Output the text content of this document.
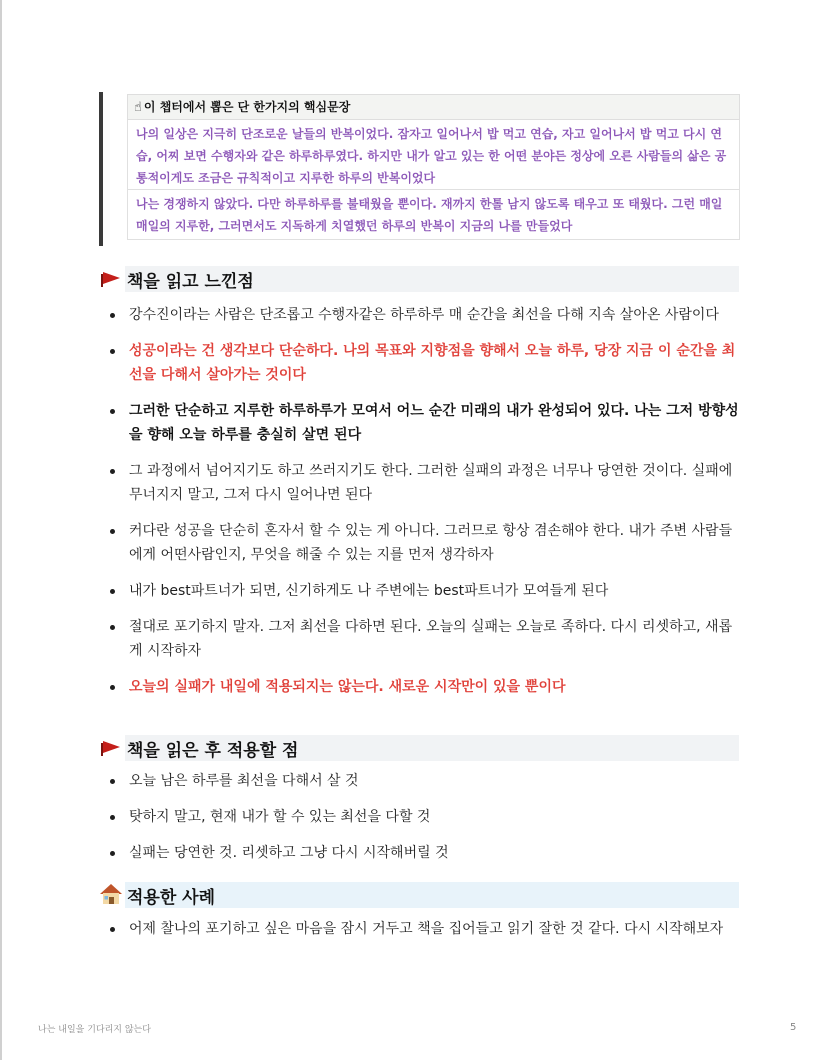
☝ 이 챕터에서 뽑은 단 한가지의 핵심문장
나의 일상은 지극히 단조로운 날들의 반복이었다. 잠자고 일어나서 밥 먹고 연습, 자고 일어나서 밥 먹고 다시 연습, 어찌 보면 수행자와 같은 하루하루였다. 하지만 내가 알고 있는 한 어떤 분야든 정상에 오른 사람들의 삶은 공통적이게도 조금은 규칙적이고 지루한 하루의 반복이었다
나는 경쟁하지 않았다. 다만 하루하루를 불태웠을 뿐이다. 재까지 한톨 남지 않도록 태우고 또 태웠다. 그런 매일매일의 지루한, 그러면서도 지독하게 치열했던 하루의 반복이 지금의 나를 만들었다
책을 읽고 느낀점
강수진이라는 사람은 단조롭고 수행자같은 하루하루 매 순간을 최선을 다해 지속 살아온 사람이다
성공이라는 건 생각보다 단순하다. 나의 목표와 지향점을 향해서 오늘 하루, 당장 지금 이 순간을 최선을 다해서 살아가는 것이다
그러한 단순하고 지루한 하루하루가 모여서 어느 순간 미래의 내가 완성되어 있다. 나는 그저 방향성을 향해 오늘 하루를 충실히 살면 된다
그 과정에서 넘어지기도 하고 쓰러지기도 한다. 그러한 실패의 과정은 너무나 당연한 것이다. 실패에 무너지지 말고, 그저 다시 일어나면 된다
커다란 성공을 단순히 혼자서 할 수 있는 게 아니다. 그러므로 항상 겸손해야 한다. 내가 주변 사람들에게 어떤사람인지, 무엇을 해줄 수 있는 지를 먼저 생각하자
내가 best파트너가 되면, 신기하게도 나 주변에는 best파트너가 모여들게 된다
절대로 포기하지 말자. 그저 최선을 다하면 된다. 오늘의 실패는 오늘로 족하다. 다시 리셋하고, 새롭게 시작하자
오늘의 실패가 내일에 적용되지는 않는다. 새로운 시작만이 있을 뿐이다
책을 읽은 후 적용할 점
오늘 남은 하루를 최선을 다해서 살 것
탓하지 말고, 현재 내가 할 수 있는 최선을 다할 것
실패는 당연한 것. 리셋하고 그냥 다시 시작해버릴 것
적용한 사례
어제 찰나의 포기하고 싶은 마음을 잠시 거두고 책을 집어들고 읽기 잘한 것 같다. 다시 시작해보자
나는 내일을 기다리지 않는다	5
